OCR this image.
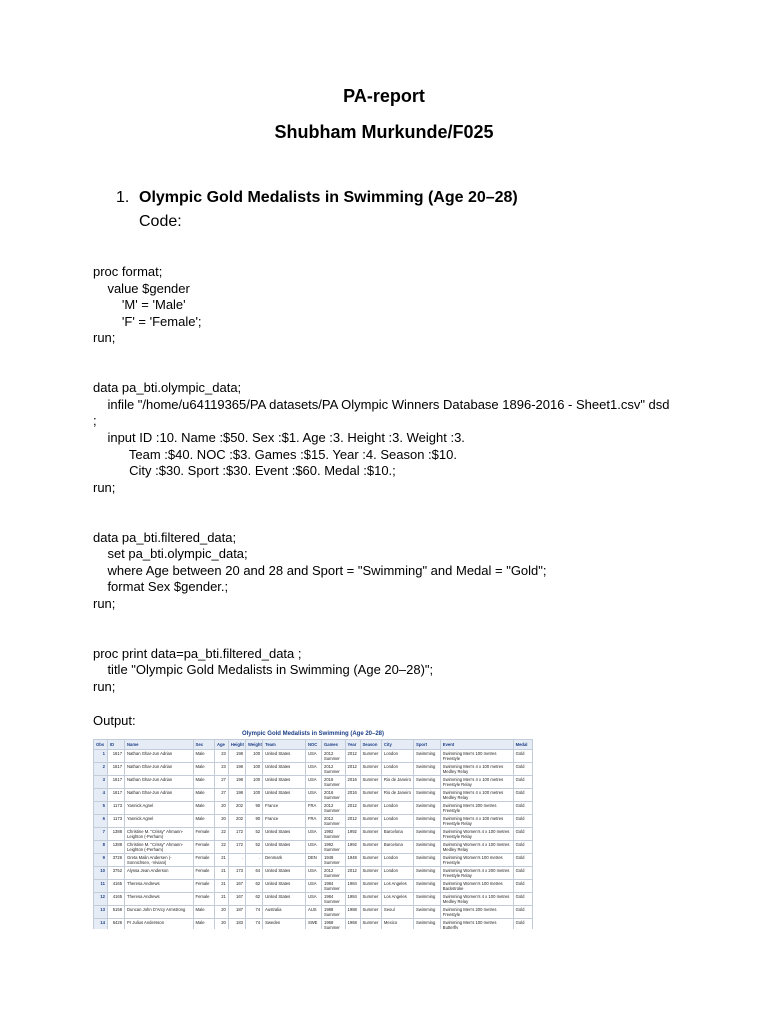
PA-report
Shubham Murkunde/F025
1. Olympic Gold Medalists in Swimming (Age 20–28)
Code:
proc format;
value $gender
'M' = 'Male'
'F' = 'Female';
run;

data pa_bti.olympic_data;
infile "/home/u64119365/PA datasets/PA Olympic Winners Database 1896-2016 - Sheet1.csv" dsd
;
input ID :10. Name :$50. Sex :$1. Age :3. Height :3. Weight :3.
Team :$40. NOC :$3. Games :$15. Year :4. Season :$10.
City :$30. Sport :$30. Event :$60. Medal :$10.;
run;

data pa_bti.filtered_data;
set pa_bti.olympic_data;
where Age between 20 and 28 and Sport = "Swimming" and Medal = "Gold";
format Sex $gender.;
run;

proc print data=pa_bti.filtered_data ;
title "Olympic Gold Medalists in Swimming (Age 20–28)";
run;
Output:
Olympic Gold Medalists in Swimming (Age 20–28)
Obs	ID	Name	Sex	Age	Height	Weight	Team	NOC	Games	Year	Season	City	Sport	Event	Medal
1	1617	Nathan Ghar-Jun Adrian	Male	23	198	100	United States	USA	2012 Summer	2012	Summer	London	Swimming	Swimming Men's 100 metres Freestyle	Gold
2	1617	Nathan Ghar-Jun Adrian	Male	23	198	100	United States	USA	2012 Summer	2012	Summer	London	Swimming	Swimming Men's 4 x 100 metres Medley Relay	Gold
3	1617	Nathan Ghar-Jun Adrian	Male	27	198	100	United States	USA	2016 Summer	2016	Summer	Rio de Janeiro	Swimming	Swimming Men's 4 x 100 metres Freestyle Relay	Gold
4	1617	Nathan Ghar-Jun Adrian	Male	27	198	100	United States	USA	2016 Summer	2016	Summer	Rio de Janeiro	Swimming	Swimming Men's 4 x 100 metres Medley Relay	Gold
5	1173	Yannick Agnel	Male	20	202	90	France	FRA	2012 Summer	2012	Summer	London	Swimming	Swimming Men's 200 metres Freestyle	Gold
6	1173	Yannick Agnel	Male	20	202	90	France	FRA	2012 Summer	2012	Summer	London	Swimming	Swimming Men's 4 x 100 metres Freestyle Relay	Gold
7	1388	Christine M. "Crissy" Ahmann-Leighton (-Perham)	Female	22	172	52	United States	USA	1992 Summer	1992	Summer	Barcelona	Swimming	Swimming Women's 4 x 100 metres Freestyle Relay	Gold
8	1388	Christine M. "Crissy" Ahmann-Leighton (-Perham)	Female	22	172	52	United States	USA	1992 Summer	1992	Summer	Barcelona	Swimming	Swimming Women's 4 x 100 metres Medley Relay	Gold
9	3726	Greta Malin Andersen (-Sonnichsen, -Viviani)	Female	21	.	.	Denmark	DEN	1948 Summer	1948	Summer	London	Swimming	Swimming Women's 100 metres Freestyle	Gold
10	3752	Alyssa Jean Anderson	Female	21	173	64	United States	USA	2012 Summer	2012	Summer	London	Swimming	Swimming Women's 4 x 200 metres Freestyle Relay	Gold
11	4165	Theresa Andrews	Female	21	167	62	United States	USA	1984 Summer	1984	Summer	Los Angeles	Swimming	Swimming Women's 100 metres Backstroke	Gold
12	4165	Theresa Andrews	Female	21	167	62	United States	USA	1984 Summer	1984	Summer	Los Angeles	Swimming	Swimming Women's 4 x 100 metres Medley Relay	Gold
13	5158	Duncan John D'Arcy Armstrong	Male	20	187	74	Australia	AUS	1988 Summer	1988	Summer	Seoul	Swimming	Swimming Men's 200 metres Freestyle	Gold
14	6426	Pr Julius Andersson	Male	20	183	74	Sweden	SWE	1968 Summer	1968	Summer	Mexico	Swimming	Swimming Men's 100 metres Butterfly	Gold
